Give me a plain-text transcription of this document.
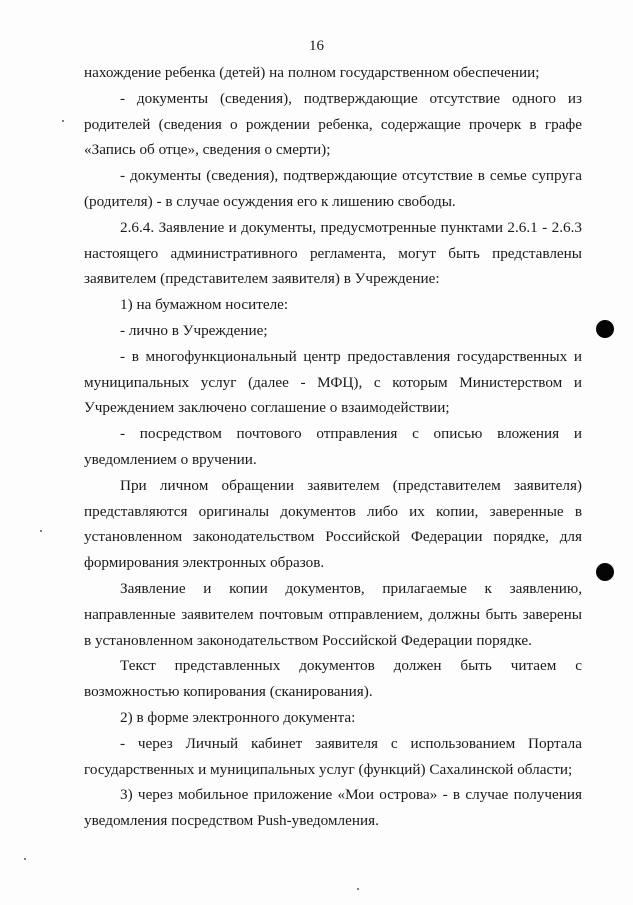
16

нахождение ребенка (детей) на полном государственном обеспечении;

- документы (сведения), подтверждающие отсутствие одного из родителей (сведения о рождении ребенка, содержащие прочерк в графе «Запись об отце», сведения о смерти);

- документы (сведения), подтверждающие отсутствие в семье супруга (родителя) - в случае осуждения его к лишению свободы.

2.6.4. Заявление и документы, предусмотренные пунктами 2.6.1 - 2.6.3 настоящего административного регламента, могут быть представлены заявителем (представителем заявителя) в Учреждение:

1) на бумажном носителе:

- лично в Учреждение;

- в многофункциональный центр предоставления государственных и муниципальных услуг (далее - МФЦ), с которым Министерством и Учреждением заключено соглашение о взаимодействии;

- посредством почтового отправления с описью вложения и уведомлением о вручении.

При личном обращении заявителем (представителем заявителя) представляются оригиналы документов либо их копии, заверенные в установленном законодательством Российской Федерации порядке, для формирования электронных образов.

Заявление и копии документов, прилагаемые к заявлению, направленные заявителем почтовым отправлением, должны быть заверены в установленном законодательством Российской Федерации порядке.

Текст представленных документов должен быть читаем с возможностью копирования (сканирования).

2) в форме электронного документа:

- через Личный кабинет заявителя с использованием Портала государственных и муниципальных услуг (функций) Сахалинской области;

3) через мобильное приложение «Мои острова» - в случае получения уведомления посредством Push-уведомления.
